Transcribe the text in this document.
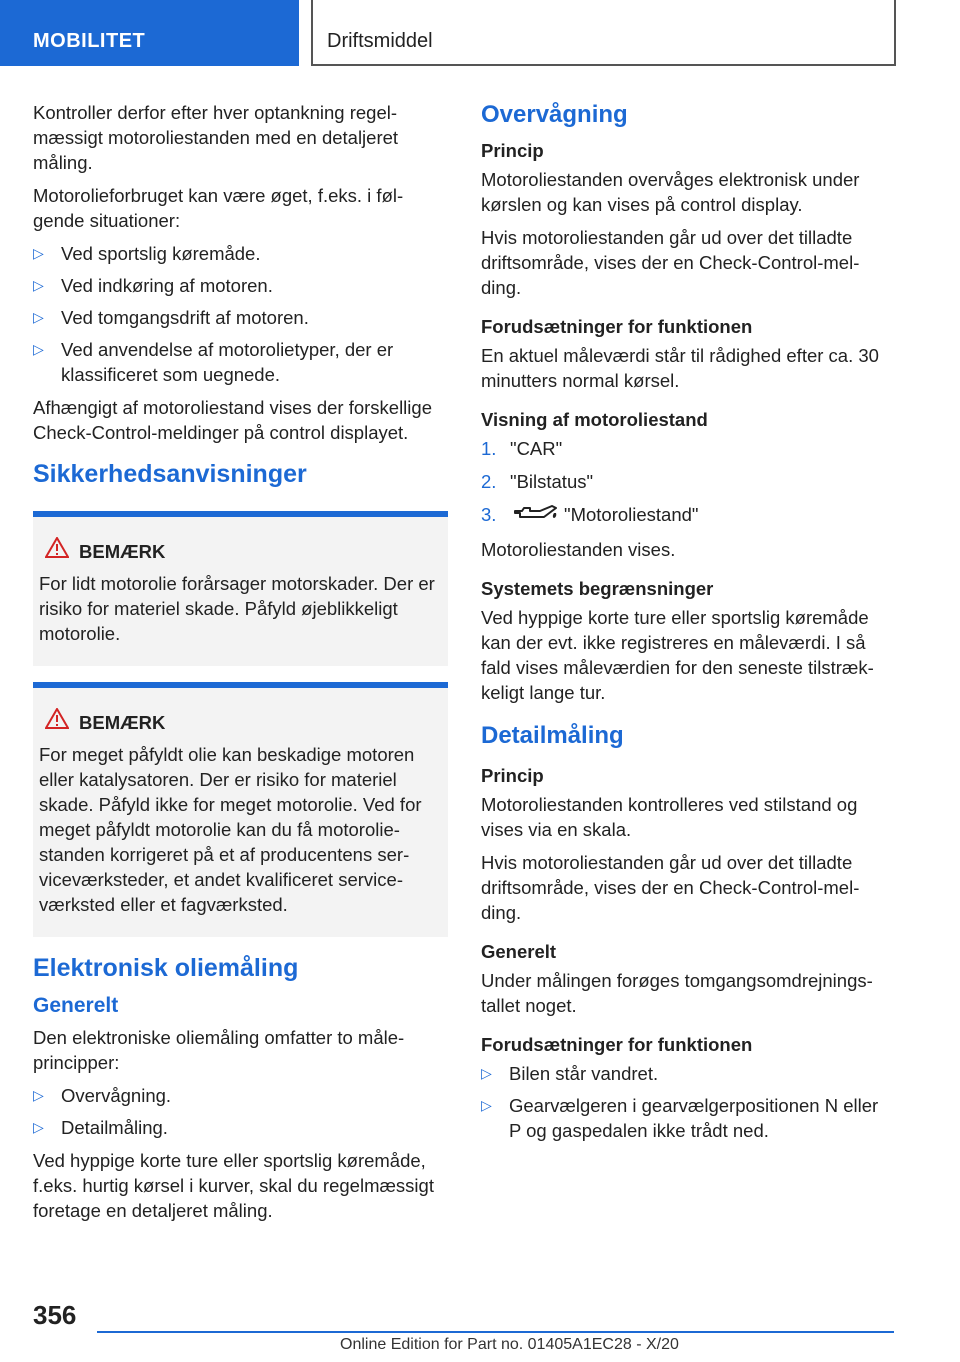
MOBILITET	Driftsmiddel

Kontroller derfor efter hver optankning regelmæssigt motoroliestanden med en detaljeret måling.

Motorolieforbruget kan være øget, f.eks. i følgende situationer:

▷ Ved sportslig køremåde.
▷ Ved indkøring af motoren.
▷ Ved tomgangsdrift af motoren.
▷ Ved anvendelse af motorolietyper, der er klassificeret som uegnede.

Afhængigt af motoroliestand vises der forskellige Check-Control-meldinger på control displayet.

Sikkerhedsanvisninger
BEMÆRK

For lidt motorolie forårsager motorskader. Der er risiko for materiel skade. Påfyld øjeblikkeligt motorolie.

BEMÆRK

For meget påfyldt olie kan beskadige motoren eller katalysatoren. Der er risiko for materiel skade. Påfyld ikke for meget motorolie. Ved for meget påfyldt motorolie kan du få motoroliestanden korrigeret på et af producentens serviceværksteder, et andet kvalificeret serviceværksted eller et fagværksted.

Elektronisk oliemåling
Generelt

Den elektroniske oliemåling omfatter to måleprincipper:

▷ Overvågning.
▷ Detailmåling.

Ved hyppige korte ture eller sportslig køremåde, f.eks. hurtig kørsel i kurver, skal du regelmæssigt foretage en detaljeret måling.

Overvågning
Princip

Motoroliestanden overvåges elektronisk under kørslen og kan vises på control display.

Hvis motoroliestanden går ud over det tilladte driftsområde, vises der en Check-Control-melding.

Forudsætninger for funktionen

En aktuel måleværdi står til rådighed efter ca. 30 minutters normal kørsel.

Visning af motoroliestand
1. "CAR"
2. "Bilstatus"
3.	"Motoroliestand"

Motoroliestanden vises.

Systemets begrænsninger

Ved hyppige korte ture eller sportslig køremåde kan der evt. ikke registreres en måleværdi. I så fald vises måleværdien for den seneste tilstrækkeligt lange tur.

Detailmåling
Princip

Motoroliestanden kontrolleres ved stilstand og vises via en skala.

Hvis motoroliestanden går ud over det tilladte driftsområde, vises der en Check-Control-melding.

Generelt

Under målingen forøges tomgangsomdrejningstallet noget.

Forudsætninger for funktionen
▷ Bilen står vandret.
▷ Gearvælgeren i gearvælgerpositionen N eller P og gaspedalen ikke trådt ned.
356
Online Edition for Part no. 01405A1EC28 - X/20
